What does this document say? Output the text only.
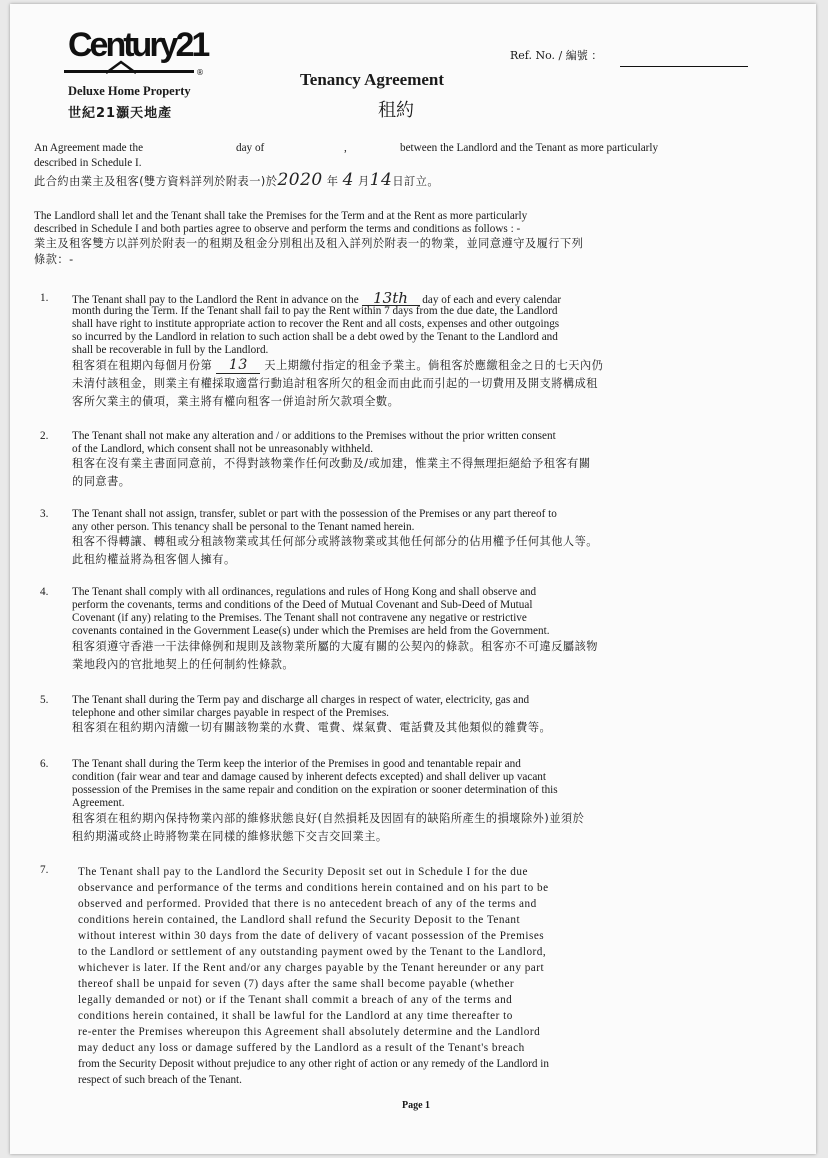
Century21
®
Deluxe Home Property
世紀21灝天地產
Ref. No. / 編號 ：
Tenancy Agreement
租約
An Agreement made the	day of	,	between the Landlord and the Tenant as more particularly
described in Schedule I.
此合約由業主及租客(雙方資料詳列於附表一)於2020 年 4 月14日訂立。
The Landlord shall let and the Tenant shall take the Premises for the Term and at the Rent as more particularly
described in Schedule I and both parties agree to observe and perform the terms and conditions as follows : -
業主及租客雙方以詳列於附表一的租期及租金分別租出及租入詳列於附表一的物業，並同意遵守及履行下列
條款：-
1. The Tenant shall pay to the Landlord the Rent in advance on the 13th day of each and every calendar
month during the Term. If the Tenant shall fail to pay the Rent within 7 days from the due date, the Landlord
shall have right to institute appropriate action to recover the Rent and all costs, expenses and other outgoings
so incurred by the Landlord in relation to such action shall be a debt owed by the Tenant to the Landlord and
shall be recoverable in full by the Landlord.
租客須在租期內每個月份第 13 天上期繳付指定的租金予業主。倘租客於應繳租金之日的七天內仍
未清付該租金，則業主有權採取適當行動追討租客所欠的租金而由此而引起的一切費用及開支將構成租
客所欠業主的債項，業主將有權向租客一併追討所欠款項全數。
2. The Tenant shall not make any alteration and / or additions to the Premises without the prior written consent
of the Landlord, which consent shall not be unreasonably withheld.
租客在沒有業主書面同意前，不得對該物業作任何改動及/或加建，惟業主不得無理拒絕給予租客有關
的同意書。
3. The Tenant shall not assign, transfer, sublet or part with the possession of the Premises or any part thereof to
any other person. This tenancy shall be personal to the Tenant named herein.
租客不得轉讓、轉租或分租該物業或其任何部分或將該物業或其他任何部分的佔用權予任何其他人等。
此租約權益將為租客個人擁有。
4. The Tenant shall comply with all ordinances, regulations and rules of Hong Kong and shall observe and
perform the covenants, terms and conditions of the Deed of Mutual Covenant and Sub-Deed of Mutual
Covenant (if any) relating to the Premises. The Tenant shall not contravene any negative or restrictive
covenants contained in the Government Lease(s) under which the Premises are held from the Government.
租客須遵守香港一干法律條例和規則及該物業所屬的大廈有關的公契內的條款。租客亦不可違反屬該物
業地段內的官批地契上的任何制約性條款。
5. The Tenant shall during the Term pay and discharge all charges in respect of water, electricity, gas and
telephone and other similar charges payable in respect of the Premises.
租客須在租約期內清繳一切有關該物業的水費、電費、煤氣費、電話費及其他類似的雜費等。
6. The Tenant shall during the Term keep the interior of the Premises in good and tenantable repair and
condition (fair wear and tear and damage caused by inherent defects excepted) and shall deliver up vacant
possession of the Premises in the same repair and condition on the expiration or sooner determination of this
Agreement.
租客須在租約期內保持物業內部的維修狀態良好(自然損耗及因固有的缺陷所產生的損壞除外)並須於
租約期滿或終止時將物業在同樣的維修狀態下交吉交回業主。
7.	The Tenant shall pay to the Landlord the Security Deposit set out in Schedule I for the due
observance and performance of the terms and conditions herein contained and on his part to be
observed and performed. Provided that there is no antecedent breach of any of the terms and
conditions herein contained, the Landlord shall refund the Security Deposit to the Tenant
without interest within 30 days from the date of delivery of vacant possession of the Premises
to the Landlord or settlement of any outstanding payment owed by the Tenant to the Landlord,
whichever is later. If the Rent and/or any charges payable by the Tenant hereunder or any part
thereof shall be unpaid for seven (7) days after the same shall become payable (whether
legally demanded or not) or if the Tenant shall commit a breach of any of the terms and
conditions herein contained, it shall be lawful for the Landlord at any time thereafter to
re-enter the Premises whereupon this Agreement shall absolutely determine and the Landlord
may deduct any loss or damage suffered by the Landlord as a result of the Tenant's breach
from the Security Deposit without prejudice to any other right of action or any remedy of the Landlord in
respect of such breach of the Tenant.
Page 1
